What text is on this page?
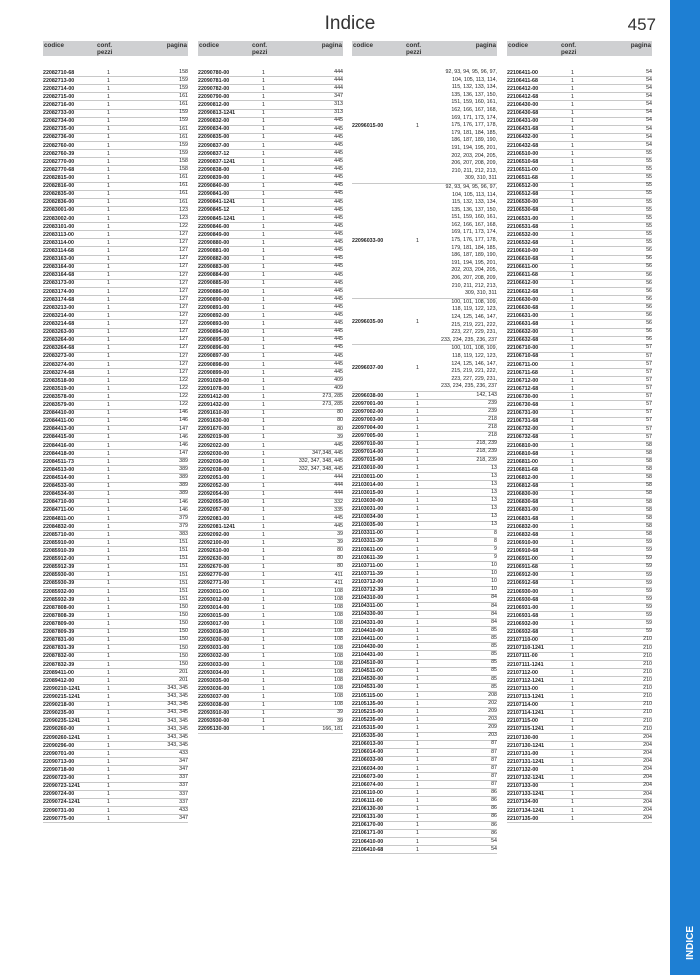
Indice	457
INDICE
codice	conf.
pezzi
pagina
22082710-68	1	158
22082713-00	1	159
22082714-00	1	159
22082715-00	1	161
22082716-00	1	161
22082733-00	1	159
22082734-00	1	159
22082735-00	1	161
22082736-00	1	161
22082760-00	1	159
22082760-39	1	159
22082770-00	1	158
22082770-68	1	158
22082815-00	1	161
22082816-00	1	161
22082835-00	1	161
22082836-00	1	161
22083001-00	1	123
22083002-00	1	123
22083101-00	1	122
22083113-00	1	127
22083114-00	1	127
22083114-68	1	127
22083163-00	1	127
22083164-00	1	127
22083164-68	1	127
22083173-00	1	127
22083174-00	1	127
22083174-68	1	127
22083213-00	1	127
22083214-00	1	127
22083214-68	1	127
22083263-00	1	127
22083264-00	1	127
22083264-68	1	127
22083273-00	1	127
22083274-00	1	127
22083274-68	1	127
22083518-00	1	122
22083519-00	1	122
22083578-00	1	122
22083579-00	1	122
22084410-00	1	146
22084411-00	1	146
22084413-00	1	147
22084415-00	1	146
22084416-00	1	146
22084418-00	1	147
22084511-73	1	389
22084513-00	1	389
22084514-00	1	389
22084533-00	1	389
22084534-00	1	389
22084710-00	1	146
22084711-00	1	146
22084811-00	1	379
22084832-00	1	379
22085710-00	1	383
22085910-00	1	151
22085910-39	1	151
22085912-00	1	151
22085912-39	1	151
22085930-00	1	151
22085930-39	1	151
22085932-00	1	151
22085932-39	1	151
22087808-00	1	150
22087808-39	1	150
22087809-00	1	150
22087809-39	1	150
22087831-00	1	150
22087831-39	1	150
22087832-00	1	150
22087832-39	1	150
22089411-00	1	201
22089412-00	1	201
22090210-1241	1	343, 345
22090215-1241	1	343, 345
22090218-00	1	343, 345
22090235-00	1	343, 345
22090235-1241	1	343, 345
22090260-00	1	343, 345
22090260-1241	1	343, 345
22090296-00	1	343, 345
22090701-00	1	433
22090713-00	1	347
22090718-00	1	347
22090723-00	1	337
22090723-1241	1	337
22090724-00	1	337
22090724-1241	1	337
22090731-00	1	433
22090775-00	1	347
codice	conf.
pezzi
pagina
22090780-00	1	444
22090781-00	1	444
22090782-00	1	444
22090790-00	1	347
22090812-00	1	313
22090813-1241	1	313
22090832-00	1	445
22090834-00	1	445
22090835-00	1	445
22090837-00	1	445
22090837-12	1	445
22090837-1241	1	445
22090838-00	1	445
22090839-00	1	445
22090840-00	1	445
22090841-00	1	445
22090841-1241	1	445
22090845-12	1	445
22090845-1241	1	445
22090846-00	1	445
22090849-00	1	445
22090880-00	1	445
22090881-00	1	445
22090882-00	1	445
22090883-00	1	445
22090884-00	1	445
22090885-00	1	445
22090886-00	1	445
22090890-00	1	445
22090891-00	1	445
22090892-00	1	445
22090893-00	1	445
22090894-00	1	445
22090895-00	1	445
22090896-00	1	445
22090897-00	1	445
22090898-00	1	445
22090899-00	1	445
22091028-00	1	409
22091078-00	1	409
22091412-00	1	273, 285
22091432-00	1	273, 285
22091610-00	1	80
22091630-00	1	80
22091670-00	1	80
22092019-00	1	39
22092022-00	1	445
22092030-00	1	347,348, 445
22092036-00	1	332, 347, 348, 445
22092038-00	1	332, 347, 348, 445
22092051-00	1	444
22092052-00	1	444
22092054-00	1	444
22092055-00	1	332
22092057-00	1	335
22092081-00	1	445
22092081-1241	1	445
22092092-00	1	39
22092100-00	1	39
22092610-00	1	80
22092630-00	1	80
22092670-00	1	80
22092770-00	1	411
22092771-00	1	411
22093011-00	1	108
22093012-00	1	108
22093014-00	1	108
22093015-00	1	108
22093017-00	1	108
22093018-00	1	108
22093030-00	1	108
22093031-00	1	108
22093032-00	1	108
22093033-00	1	108
22093034-00	1	108
22093035-00	1	108
22093036-00	1	108
22093037-00	1	108
22093038-00	1	108
22093910-00	1	39
22093930-00	1	39
22095130-00	1	166, 181
codice	conf.
pezzi
pagina
22096015-00	1
92, 93, 94, 95, 96, 97, 104, 105, 113, 114, 115, 132, 133, 134, 135, 136, 137, 150, 151, 159, 160, 161, 162, 166, 167, 168, 169, 171, 173, 174, 175, 176, 177, 178, 179, 181, 184, 185, 186, 187, 189, 190, 191, 194, 195, 201, 202, 203, 204, 205, 206, 207, 208, 209, 210, 211, 212, 213, 309, 310, 311
22096033-00	1
92, 93, 94, 95, 96, 97, 104, 105, 113, 114, 115, 132, 133, 134, 135, 136, 137, 150, 151, 159, 160, 161, 162, 166, 167, 168, 169, 171, 173, 174, 175, 176, 177, 178, 179, 181, 184, 185, 186, 187, 189, 190, 191, 194, 195, 201, 202, 203, 204, 205, 206, 207, 208, 209, 210, 211, 212, 213, 309, 310, 311
22096035-00	1
100, 101, 108, 109, 118, 119, 122, 123, 124, 125, 146, 147, 215, 219, 221, 222, 223, 227, 229, 231, 233, 234, 235, 236, 237
22096037-00	1
100, 101, 108, 109, 118, 119, 122, 123, 124, 125, 146, 147, 215, 219, 221, 222, 223, 227, 229, 231, 233, 234, 235, 236, 237
22096038-00	1	142, 143
22097001-00	1	239
22097002-00	1	239
22097003-00	1	218
22097004-00	1	218
22097005-00	1	218
22097010-00	1	218, 239
22097014-00	1	218, 239
22097015-00	1	218, 239
22103010-00	1	13
22103011-00	1	13
22103014-00	1	13
22103015-00	1	13
22103030-00	1	13
22103031-00	1	13
22103034-00	1	13
22103035-00	1	13
22103311-00	1	8
22103311-39	1	8
22103611-00	1	9
22103611-39	1	9
22103711-00	1	10
22103711-39	1	10
22103712-00	1	10
22103712-39	1	10
22104310-00	1	84
22104311-00	1	84
22104330-00	1	84
22104331-00	1	84
22104410-00	1	85
22104411-00	1	85
22104430-00	1	85
22104431-00	1	85
22104510-00	1	85
22104511-00	1	85
22104530-00	1	85
22104531-00	1	85
22105115-00	1	208
22105135-00	1	202
22105215-00	1	209
22105235-00	1	203
22105315-00	1	209
22105335-00	1	203
22106013-00	1	87
22106014-00	1	87
22106033-00	1	87
22106034-00	1	87
22106073-00	1	87
22106074-00	1	87
22106110-00	1	86
22106111-00	1	86
22106130-00	1	86
22106131-00	1	86
22106170-00	1	86
22106171-00	1	86
22106410-00	1	54
22106410-68	1	54
codice	conf.
pezzi
pagina
22106411-00	1	54
22106411-68	1	54
22106412-00	1	54
22106412-68	1	54
22106430-00	1	54
22106430-68	1	54
22106431-00	1	54
22106431-68	1	54
22106432-00	1	54
22106432-68	1	54
22106510-00	1	55
22106510-68	1	55
22106511-00	1	55
22106511-68	1	55
22106512-00	1	55
22106512-68	1	55
22106530-00	1	55
22106530-68	1	55
22106531-00	1	55
22106531-68	1	55
22106532-00	1	55
22106532-68	1	55
22106610-00	1	56
22106610-68	1	56
22106611-00	1	56
22106611-68	1	56
22106612-00	1	56
22106612-68	1	56
22106630-00	1	56
22106630-68	1	56
22106631-00	1	56
22106631-68	1	56
22106632-00	1	56
22106632-68	1	56
22106710-00	1	57
22106710-68	1	57
22106711-00	1	57
22106711-68	1	57
22106712-00	1	57
22106712-68	1	57
22106730-00	1	57
22106730-68	1	57
22106731-00	1	57
22106731-68	1	57
22106732-00	1	57
22106732-68	1	57
22106810-00	1	58
22106810-68	1	58
22106811-00	1	58
22106811-68	1	58
22106812-00	1	58
22106812-68	1	58
22106830-00	1	58
22106830-68	1	58
22106831-00	1	58
22106831-68	1	58
22106832-00	1	58
22106832-68	1	58
22106910-00	1	59
22106910-68	1	59
22106911-00	1	59
22106911-68	1	59
22106912-00	1	59
22106912-68	1	59
22106930-00	1	59
22106930-68	1	59
22106931-00	1	59
22106931-68	1	59
22106932-00	1	59
22106932-68	1	59
22107110-00	1	210
22107110-1241	1	210
22107111-00	1	210
22107111-1241	1	210
22107112-00	1	210
22107112-1241	1	210
22107113-00	1	210
22107113-1241	1	210
22107114-00	1	210
22107114-1241	1	210
22107115-00	1	210
22107115-1241	1	210
22107130-00	1	204
22107130-1241	1	204
22107131-00	1	204
22107131-1241	1	204
22107132-00	1	204
22107132-1241	1	204
22107133-00	1	204
22107133-1241	1	204
22107134-00	1	204
22107134-1241	1	204
22107135-00	1	204
